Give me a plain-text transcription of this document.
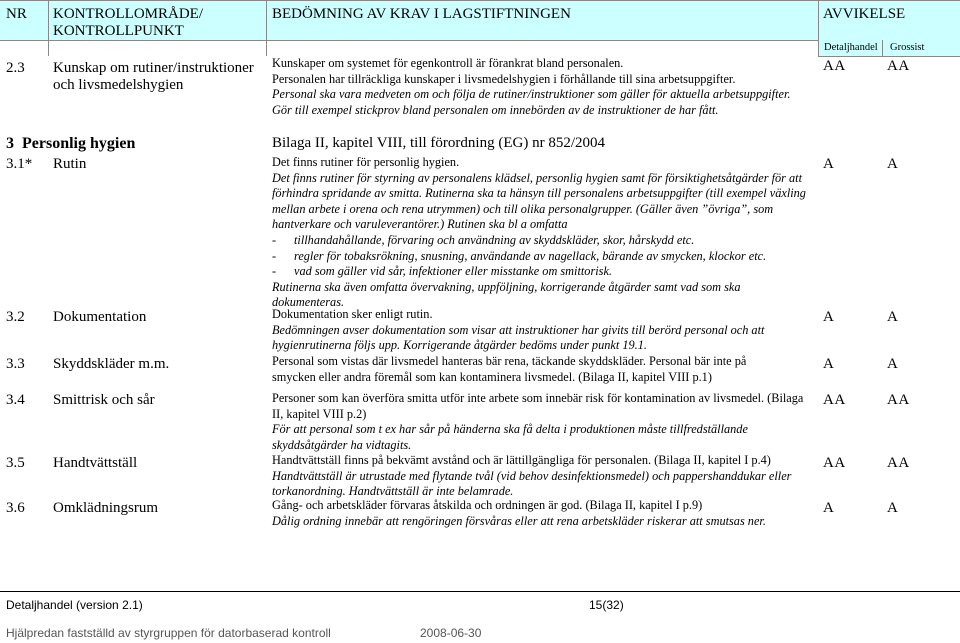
NR KONTROLLOMRÅDE/
KONTROLLPUNKT
BEDÖMNING AV KRAV I LAGSTIFTNINGEN	AVVIKELSE
Detaljhandel Grossist
2.3 Kunskap om rutiner/instruktioner och livsmedelshygien

Kunskaper om systemet för egenkontroll är förankrat bland personalen.

Personalen har tillräckliga kunskaper i livsmedelshygien i förhållande till sina arbetsuppgifter.

Personal ska vara medveten om och följa de rutiner/instruktioner som gäller för aktuella arbetsuppgifter. Gör till exempel stickprov bland personalen om innebörden av de instruktioner de har fått.

AA	AA
3  Personlig hygien	Bilaga II, kapitel VIII, till förordning (EG) nr 852/2004
3.1* Rutin	Det finns rutiner för personlig hygien.

Det finns rutiner för styrning av personalens klädsel, personlig hygien samt för försiktighetsåtgärder för att förhindra spridande av smitta. Rutinerna ska ta hänsyn till personalens arbetsuppgifter (till exempel växling mellan arbete i orena och rena utrymmen) och till olika personalgrupper. (Gäller även ”övriga”, som hantverkare och varuleverantörer.) Rutinen ska bl a omfatta

-	tillhandahållande, förvaring och användning av skyddskläder, skor, hårskydd etc.
-	regler för tobaksrökning, snusning, användande av nagellack, bärande av smycken, klockor etc.
-	vad som gäller vid sår, infektioner eller misstanke om smittorisk.

Rutinerna ska även omfatta övervakning, uppföljning, korrigerande åtgärder samt vad som ska dokumenteras.

A	A
3.2 Dokumentation	Dokumentation sker enligt rutin.

Bedömningen avser dokumentation som visar att instruktioner har givits till berörd personal och att hygienrutinerna följs upp. Korrigerande åtgärder bedöms under punkt 19.1.

A	A
3.3 Skyddskläder m.m.	Personal som vistas där livsmedel hanteras bär rena, täckande skyddskläder. Personal bär inte på smycken eller andra föremål som kan kontaminera livsmedel. (Bilaga II, kapitel VIII p.1)

A	A
3.4 Smittrisk och sår	Personer som kan överföra smitta utför inte arbete som innebär risk för kontamination av livsmedel. (Bilaga II, kapitel VIII p.2)

För att personal som t ex har sår på händerna ska få delta i produktionen måste tillfredställande skyddsåtgärder ha vidtagits.

AA	AA
3.5 Handtvättställ	Handtvättställ finns på bekvämt avstånd och är lättillgängliga för personalen. (Bilaga II, kapitel I p.4)

Handtvättställ är utrustade med flytande tvål (vid behov desinfektionsmedel) och pappershanddukar eller torkanordning. Handtvättställ är inte belamrade.

AA	AA
3.6 Omklädningsrum	Gång- och arbetskläder förvaras åtskilda och ordningen är god. (Bilaga II, kapitel I p.9)

Dålig ordning innebär att rengöringen försvåras eller att rena arbetskläder riskerar att smutsas ner.

A	A
Detaljhandel (version 2.1)	15(32)
Hjälpredan fastställd av styrgruppen för datorbaserad kontroll	2008-06-30
